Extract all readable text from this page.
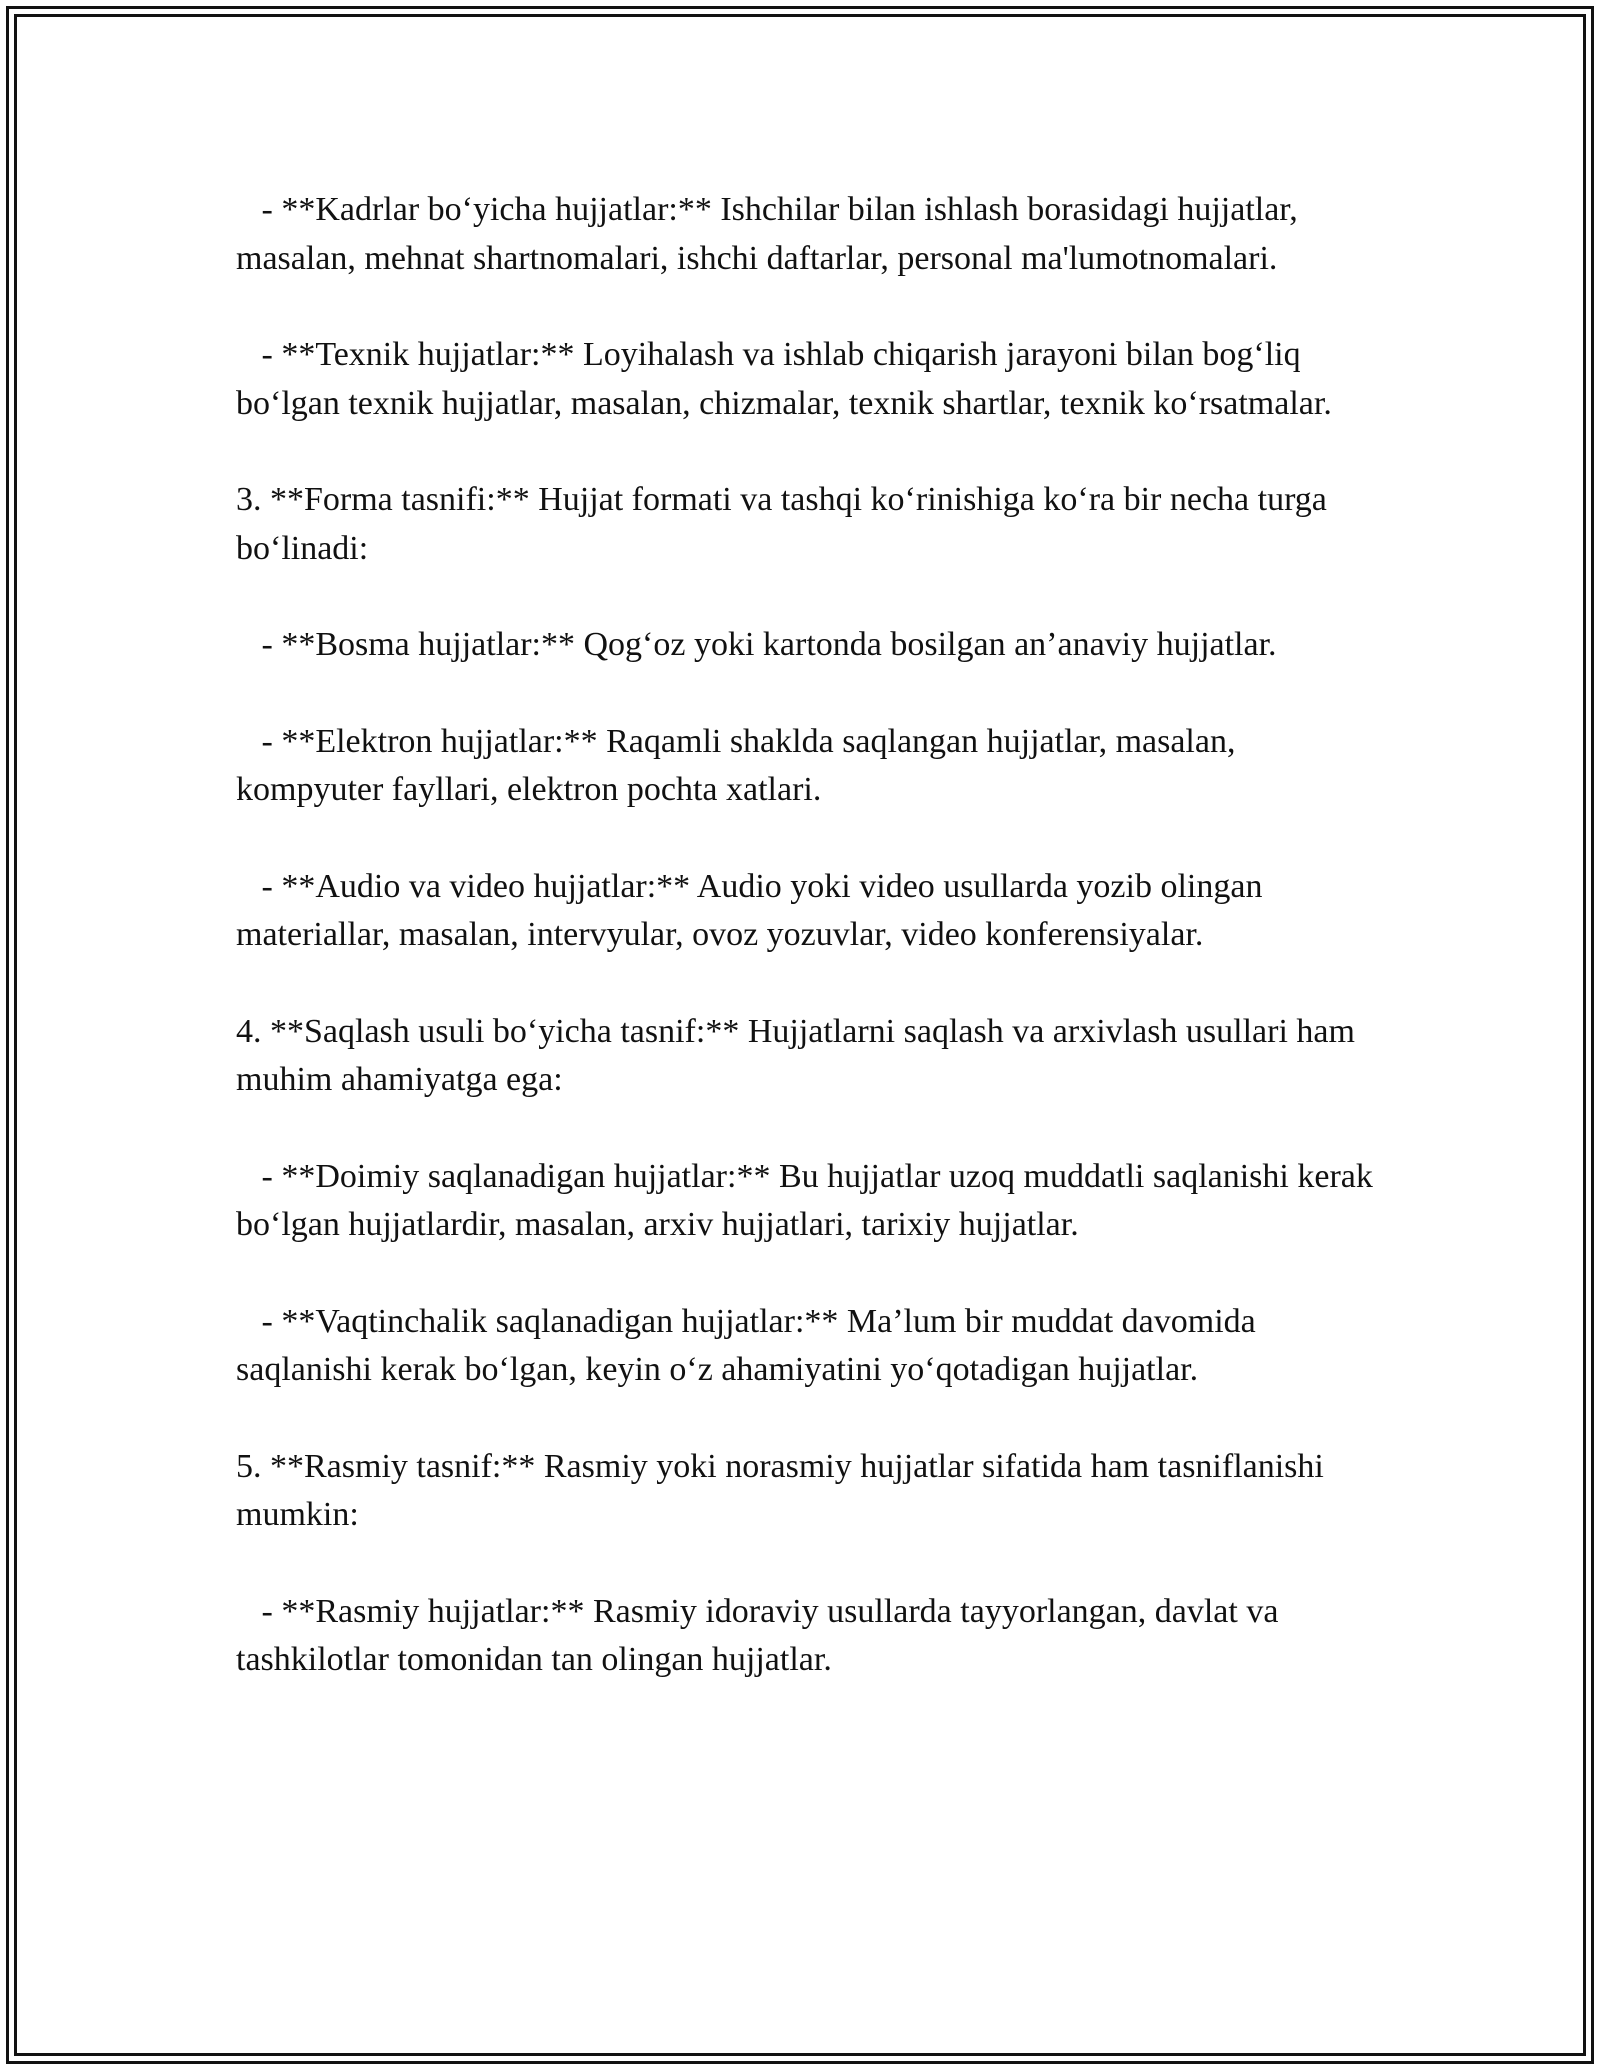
- **Kadrlar bo‘yicha hujjatlar:** Ishchilar bilan ishlash borasidagi hujjatlar, masalan, mehnat shartnomalari, ishchi daftarlar, personal ma'lumotnomalari.

- **Texnik hujjatlar:** Loyihalash va ishlab chiqarish jarayoni bilan bog‘liq bo‘lgan texnik hujjatlar, masalan, chizmalar, texnik shartlar, texnik ko‘rsatmalar.

3. **Forma tasnifi:** Hujjat formati va tashqi ko‘rinishiga ko‘ra bir necha turga bo‘linadi:

- **Bosma hujjatlar:** Qog‘oz yoki kartonda bosilgan an’anaviy hujjatlar.

- **Elektron hujjatlar:** Raqamli shaklda saqlangan hujjatlar, masalan, kompyuter fayllari, elektron pochta xatlari.

- **Audio va video hujjatlar:** Audio yoki video usullarda yozib olingan materiallar, masalan, intervyular, ovoz yozuvlar, video konferensiyalar.

4. **Saqlash usuli bo‘yicha tasnif:** Hujjatlarni saqlash va arxivlash usullari ham muhim ahamiyatga ega:

- **Doimiy saqlanadigan hujjatlar:** Bu hujjatlar uzoq muddatli saqlanishi kerak bo‘lgan hujjatlardir, masalan, arxiv hujjatlari, tarixiy hujjatlar.

- **Vaqtinchalik saqlanadigan hujjatlar:** Ma’lum bir muddat davomida saqlanishi kerak bo‘lgan, keyin o‘z ahamiyatini yo‘qotadigan hujjatlar.

5. **Rasmiy tasnif:** Rasmiy yoki norasmiy hujjatlar sifatida ham tasniflanishi mumkin:

- **Rasmiy hujjatlar:** Rasmiy idoraviy usullarda tayyorlangan, davlat va tashkilotlar tomonidan tan olingan hujjatlar.
